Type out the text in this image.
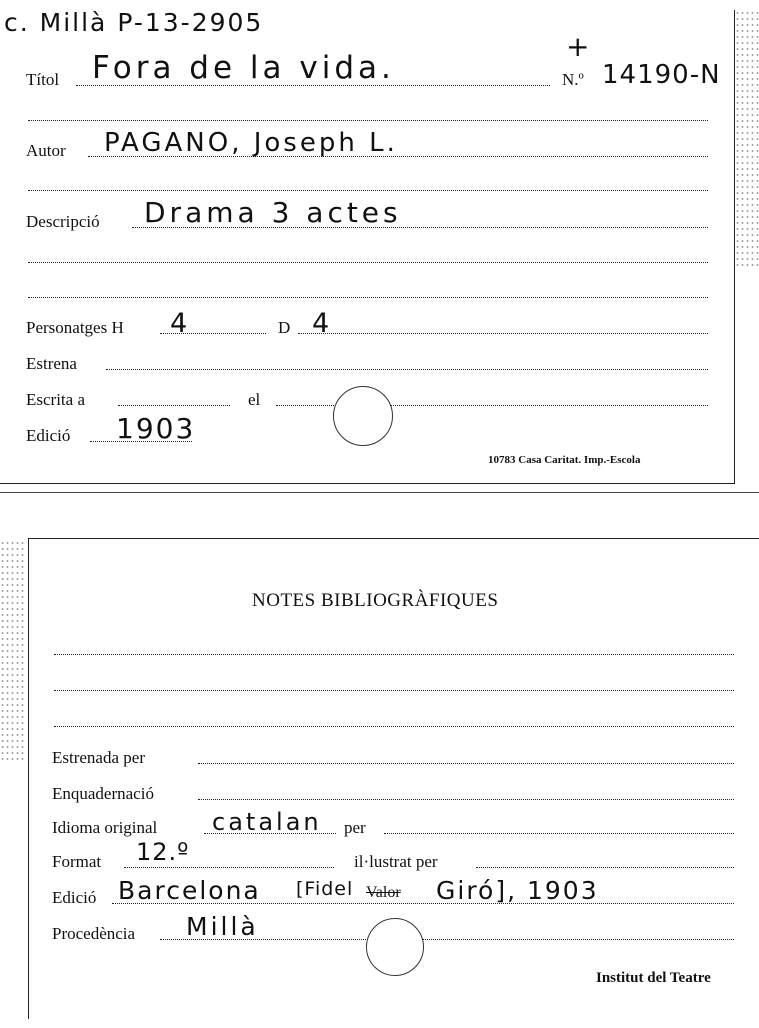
c. Millà P-13-2905
Títol Fora de la vida.
+
N.º 14190-N
Autor PAGANO, Joseph L.
Descripció Drama 3 actes
Personatges H 4	D 4
Estrena
Escrita a	el
Edició 1903
10783 Casa Caritat. Imp.-Escola
NOTES BIBLIOGRÀFIQUES
Estrenada per
Enquadernació
Idioma original catalan per
Format 12.º	il·lustrat per
Edició Barcelona [Fidel Valor Giró], 1903
Procedència Millà
Institut del Teatre
